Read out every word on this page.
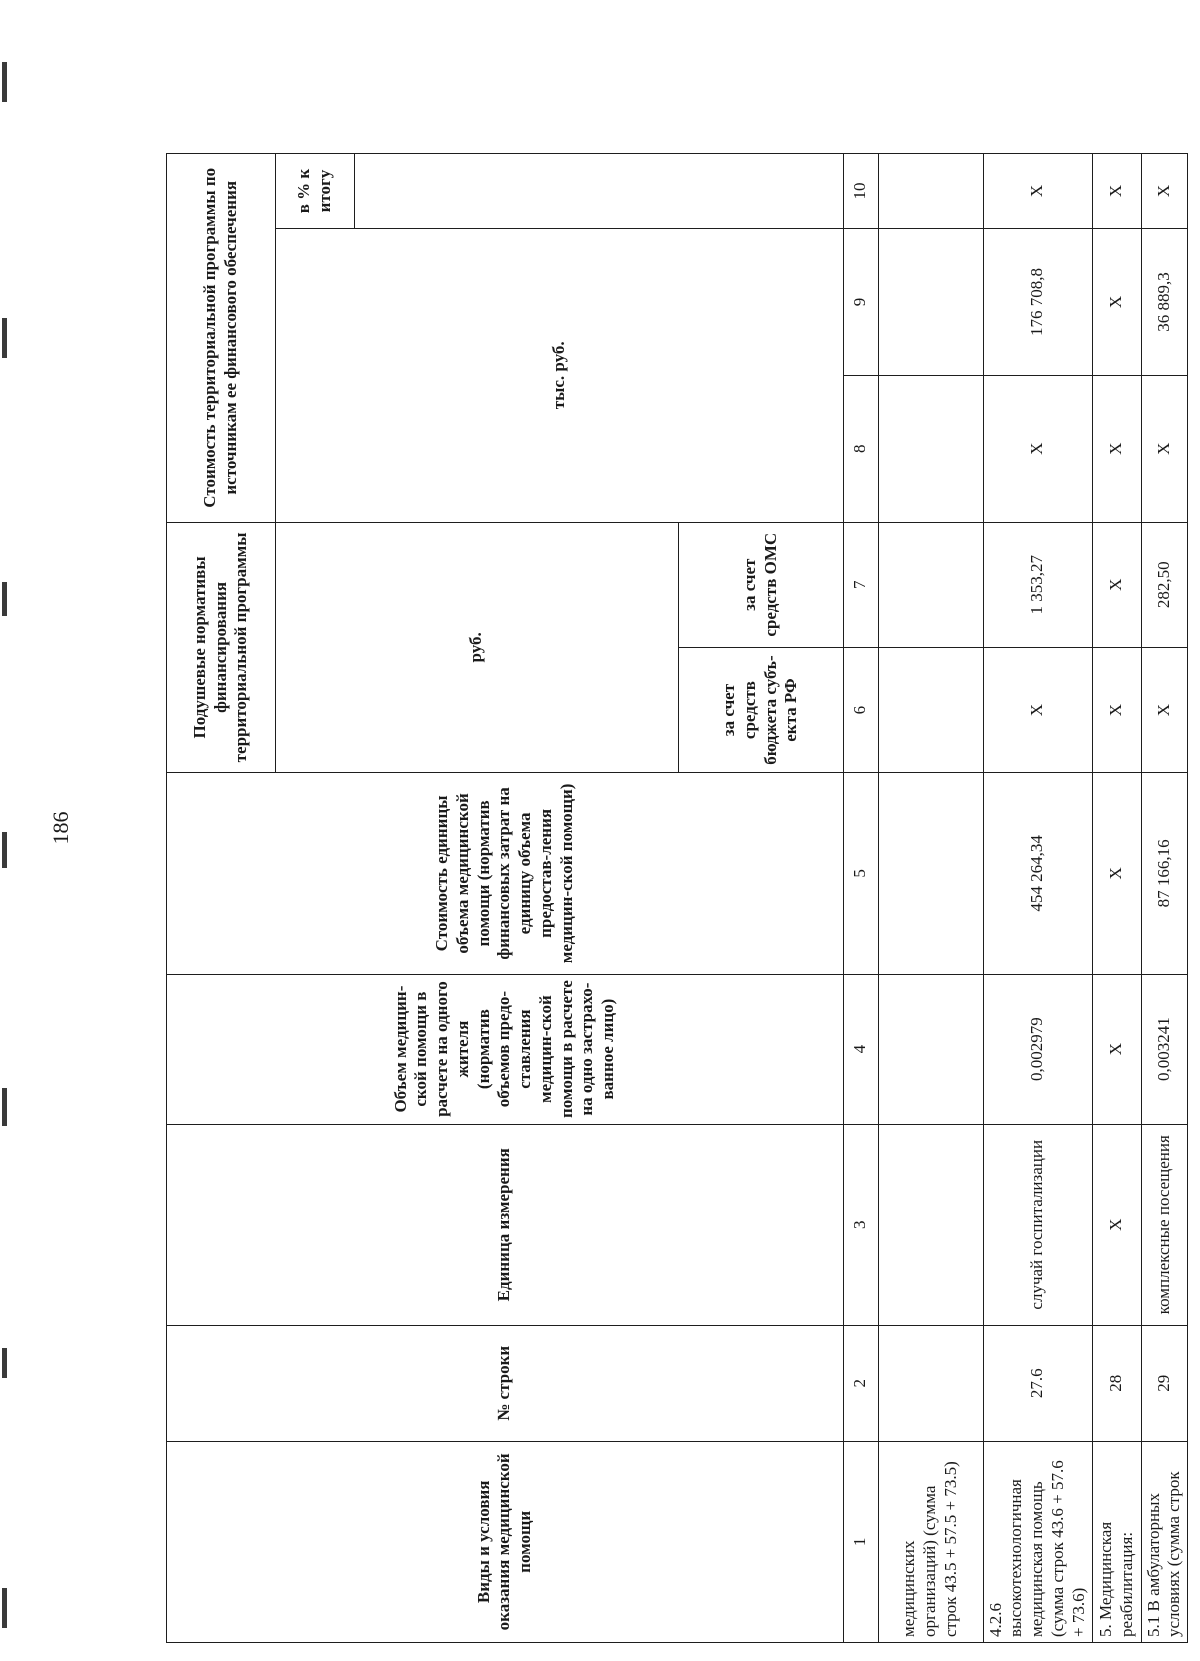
186
Виды и условия оказания медицинской помощи	№ строки	Единица измерения	Объем медицин-ской помощи в расчете на одного жителя (норматив объемов предо-ставления медицин-ской помощи в расчете на одно застрахо-ванное лицо)	Стоимость единицы объема медицинской помощи (норматив финансовых затрат на единицу объема предостав-ления медицин-ской помощи)	Подушевые нормативы финансирования территориальной программы		Стоимость территориальной программы по источникам ее финансового обеспечения		
					руб.		тыс. руб.		в % к итогу

					за счет средств бюджета субъ-екта РФ	за счет средств ОМС			
1	2	3	4	5	6	7	8	9	10
медицинских организаций) (сумма строк 43.5 + 57.5 + 73.5)									
4.2.6 высокотехнологичная медицинская помощь (сумма строк 43.6 + 57.6 + 73.6)	27.6	случай госпитализации	0,002979	454 264,34	X	1 353,27	X	176 708,8	X
5. Медицинская реабилитация:	28	X	X	X	X	X	X	X	X
5.1 В амбулаторных условиях (сумма строк	29	комплексные посещения	0,003241	87 166,16	X	282,50	X	36 889,3	X
